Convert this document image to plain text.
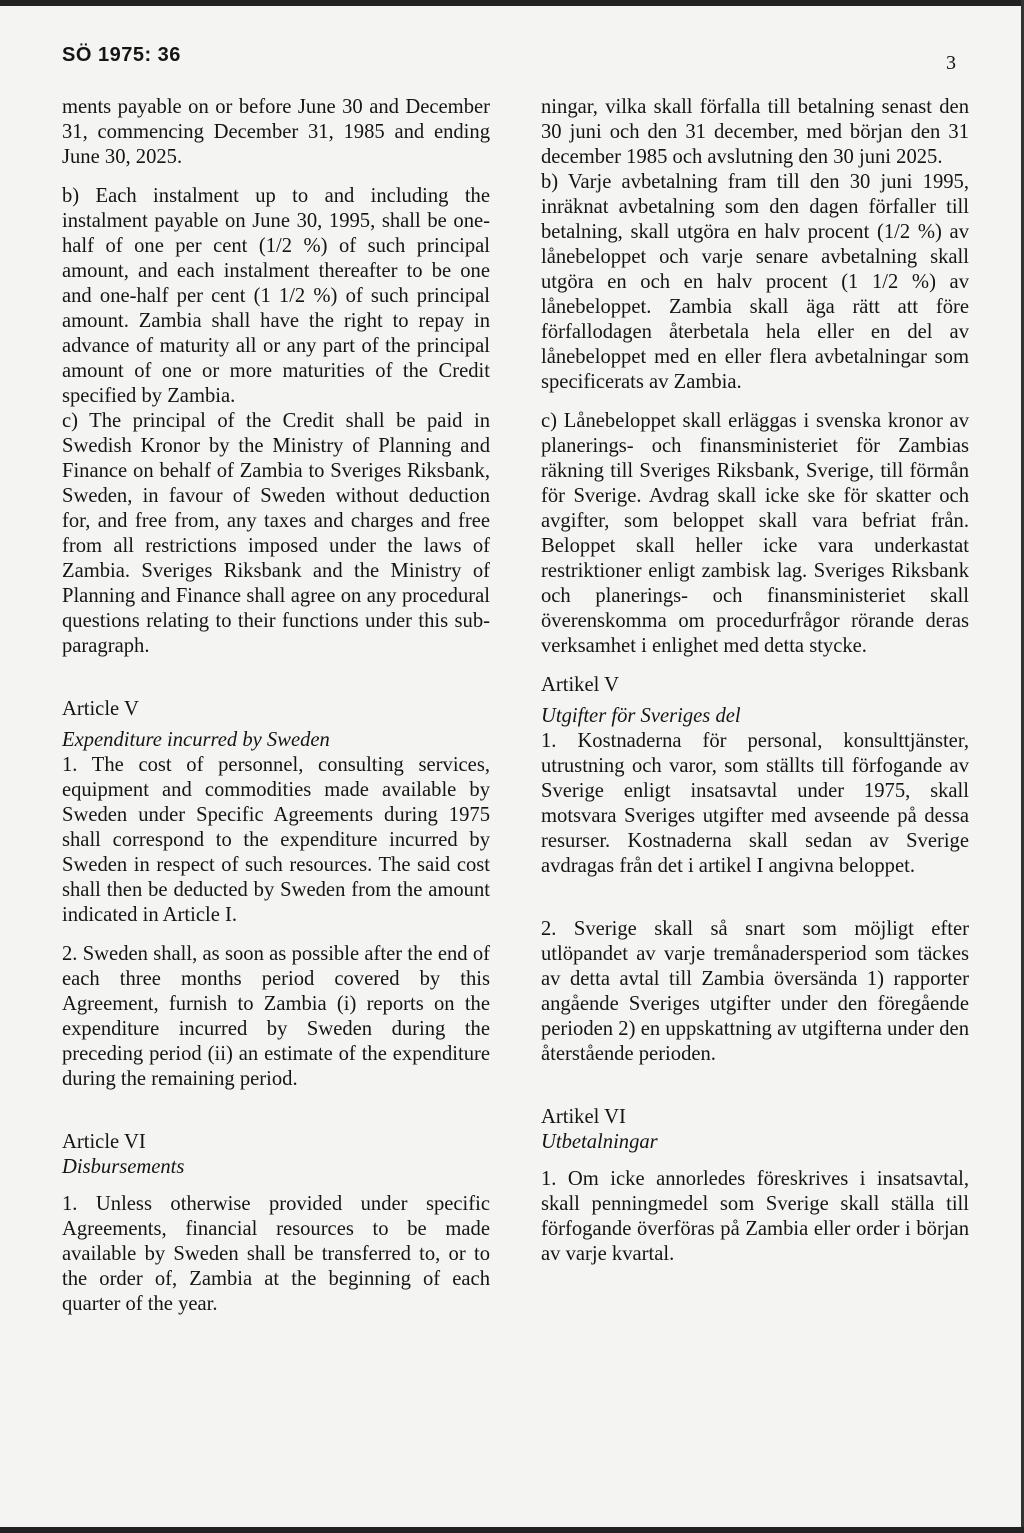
SÖ 1975: 36	3

ments payable on or before June 30 and December 31, commencing December 31, 1985 and ending June 30, 2025.

b) Each instalment up to and including the instalment payable on June 30, 1995, shall be one-half of one per cent (1/2 %) of such principal amount, and each instalment thereafter to be one and one-half per cent (1 1/2 %) of such principal amount. Zambia shall have the right to repay in advance of maturity all or any part of the principal amount of one or more maturities of the Credit specified by Zambia.

c) The principal of the Credit shall be paid in Swedish Kronor by the Ministry of Planning and Finance on behalf of Zambia to Sveriges Riksbank, Sweden, in favour of Sweden without deduction for, and free from, any taxes and charges and free from all restrictions imposed under the laws of Zambia. Sveriges Riksbank and the Ministry of Planning and Finance shall agree on any procedural questions relating to their functions under this sub-paragraph.

Article V

Expenditure incurred by Sweden

1. The cost of personnel, consulting services, equipment and commodities made available by Sweden under Specific Agreements during 1975 shall correspond to the expenditure incurred by Sweden in respect of such resources. The said cost shall then be deducted by Sweden from the amount indicated in Article I.

2. Sweden shall, as soon as possible after the end of each three months period covered by this Agreement, furnish to Zambia (i) reports on the expenditure incurred by Sweden during the preceding period (ii) an estimate of the expenditure during the remaining period.

Article VI

Disbursements

1. Unless otherwise provided under specific Agreements, financial resources to be made available by Sweden shall be transferred to, or to the order of, Zambia at the beginning of each quarter of the year.

ningar, vilka skall förfalla till betalning senast den 30 juni och den 31 december, med början den 31 december 1985 och avslutning den 30 juni 2025.

b) Varje avbetalning fram till den 30 juni 1995, inräknat avbetalning som den dagen förfaller till betalning, skall utgöra en halv procent (1/2 %) av lånebeloppet och varje senare avbetalning skall utgöra en och en halv procent (1 1/2 %) av lånebeloppet. Zambia skall äga rätt att före förfallodagen återbetala hela eller en del av lånebeloppet med en eller flera avbetalningar som specificerats av Zambia.

c) Lånebeloppet skall erläggas i svenska kronor av planerings- och finansministeriet för Zambias räkning till Sveriges Riksbank, Sverige, till förmån för Sverige. Avdrag skall icke ske för skatter och avgifter, som beloppet skall vara befriat från. Beloppet skall heller icke vara underkastat restriktioner enligt zambisk lag. Sveriges Riksbank och planerings- och finansministeriet skall överenskomma om procedurfrågor rörande deras verksamhet i enlighet med detta stycke.

Artikel V

Utgifter för Sveriges del

1. Kostnaderna för personal, konsulttjänster, utrustning och varor, som ställts till förfogande av Sverige enligt insatsavtal under 1975, skall motsvara Sveriges utgifter med avseende på dessa resurser. Kostnaderna skall sedan av Sverige avdragas från det i artikel I angivna beloppet.

2. Sverige skall så snart som möjligt efter utlöpandet av varje tremånadersperiod som täckes av detta avtal till Zambia översända 1) rapporter angående Sveriges utgifter under den föregående perioden 2) en uppskattning av utgifterna under den återstående perioden.

Artikel VI

Utbetalningar

1. Om icke annorledes föreskrives i insatsavtal, skall penningmedel som Sverige skall ställa till förfogande överföras på Zambia eller order i början av varje kvartal.
